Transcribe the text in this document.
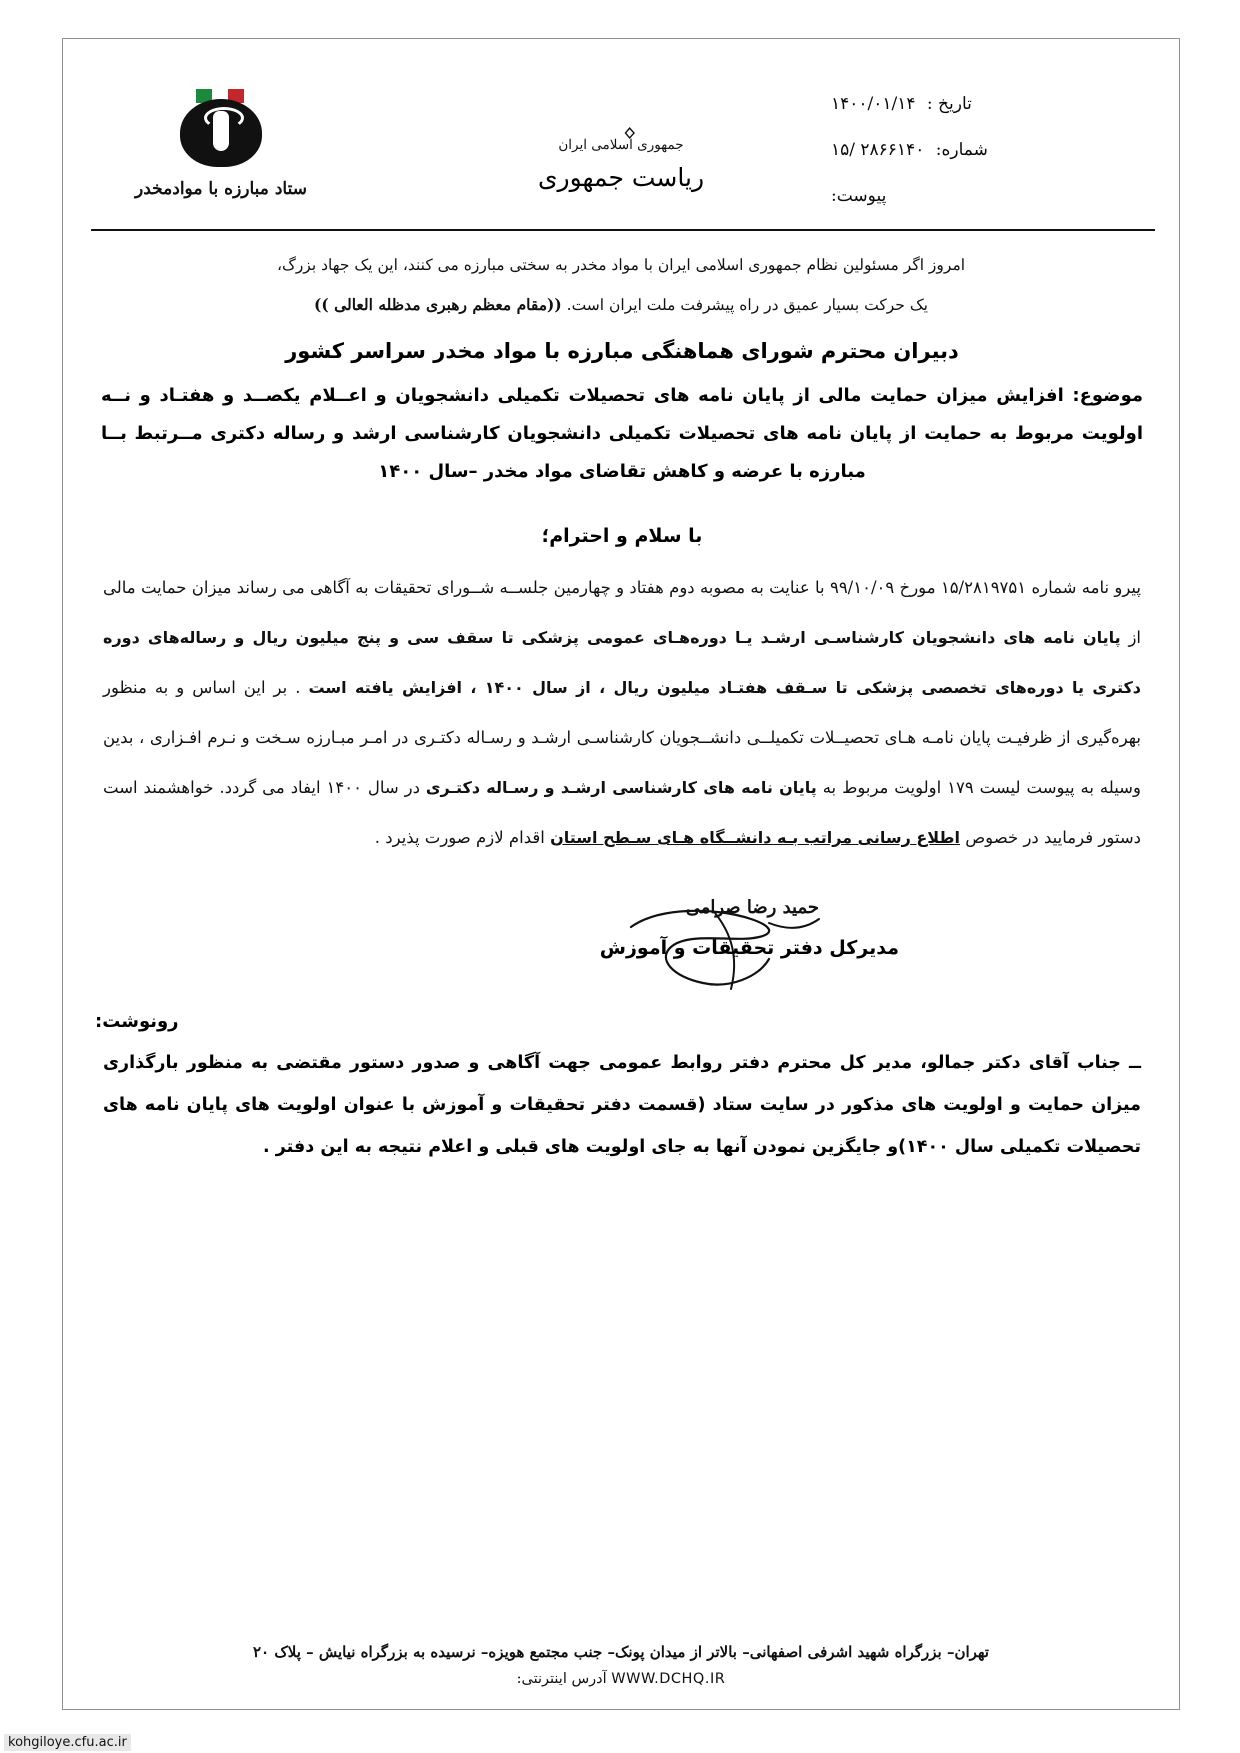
تاریخ : ۱۴۰۰/۰۱/۱۴
شماره: ۲۸۶۶۱۴۰ /۱۵
پیوست:
جمهوری اسلامی ایران
ریاست جمهوری
ستاد مبارزه با موادمخدر
امروز اگر مسئولین نظام جمهوری اسلامی ایران با مواد مخدر به سختی مبارزه می کنند، این یک جهاد بزرگ،
یک حرکت بسیار عمیق در راه پیشرفت ملت ایران است. ((مقام معظم رهبری مدظله العالی ))
دبیران محترم شورای هماهنگی مبارزه با مواد مخدر سراسر کشور
موضوع: افزایش میزان حمایت مالی از پایان نامه های تحصیلات تکمیلی دانشجویان و اعــلام یکصــد و هفتـاد و نــه اولویت مربوط به حمایت از پایان نامه های تحصیلات تکمیلی دانشجویان کارشناسی ارشد و رساله دکتری مــرتبط بــا مبارزه با عرضه و کاهش تقاضای مواد مخدر –سال ۱۴۰۰
با سلام و احترام؛
پیرو نامه شماره ۱۵/۲۸۱۹۷۵۱ مورخ ۹۹/۱۰/۰۹ با عنایت به مصوبه دوم هفتاد و چهارمین جلســه شــورای تحقیقات به آگاهی می رساند میزان حمایت مالی از پایان نامه های دانشجویان کارشناسـی ارشـد یـا دوره‌هـای عمومی پزشکی تا سقف سی و پنج میلیون ریال و رساله‌های دوره دکتری یا دوره‌های تخصصی پزشکی تا سـقف هفتـاد میلیون ریال ، از سال ۱۴۰۰ ، افزایش یافته است . بر این اساس و به منظور بهره‌گیری از ظرفیـت پایان نامـه هـای تحصیــلات تکمیلــی دانشــجویان کارشناسـی ارشـد و رسـاله دکتـری در امـر مبـارزه سـخت و نـرم افـزاری ، بدین وسیله به پیوست لیست ۱۷۹ اولویت مربوط به پایان نامه های کارشناسی ارشـد و رسـاله دکتـری در سال ۱۴۰۰ ایفاد می گردد. خواهشمند است دستور فرمایید در خصوص اطلاع رسانی مراتب بـه دانشــگاه هـای سـطح استان اقدام لازم صورت پذیرد .
حمید رضا صرامی
مدیرکل دفتر تحقیقات و آموزش
رونوشت:
ــ جناب آقای دکتر جمالو، مدیر کل محترم دفتر روابط عمومی جهت آگاهی و صدور دستور مقتضی به منظور بارگذاری میزان حمایت و اولویت های مذکور در سایت ستاد (قسمت دفتر تحقیقات و آموزش با عنوان اولویت های پایان نامه های تحصیلات تکمیلی سال ۱۴۰۰)و جایگزین نمودن آنها به جای اولویت های قبلی و اعلام نتیجه به این دفتر .
تهران– بزرگراه شهید اشرفی اصفهانی– بالاتر از میدان پونک– جنب مجتمع هویزه– نرسیده به بزرگراه نیایش – پلاک ۲۰
WWW.DCHQ.IR آدرس اینترنتی:
kohgiloye.cfu.ac.ir
